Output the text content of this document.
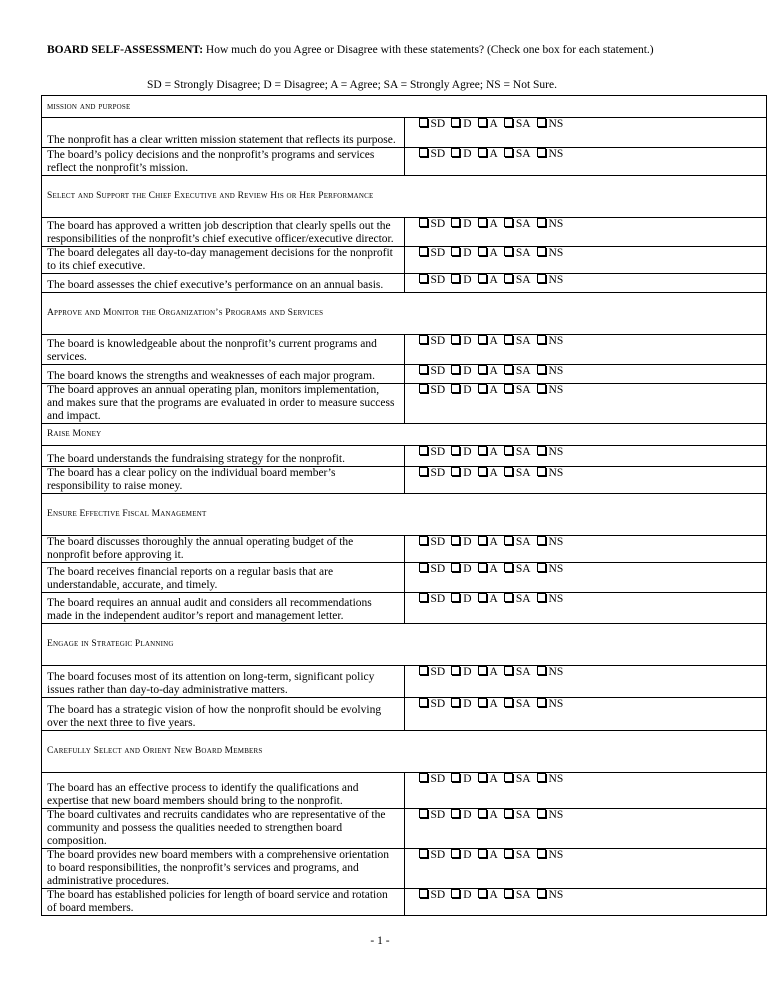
BOARD SELF-ASSESSMENT: How much do you Agree or Disagree with these statements? (Check one box for each statement.)
SD = Strongly Disagree; D = Disagree; A = Agree; SA = Strongly Agree; NS = Not Sure.
mission and purpose	
The nonprofit has a clear written mission statement that reflects its purpose.	SD D A SA NS
The board’s policy decisions and the nonprofit’s programs and services reflect the nonprofit’s mission.	SD D A SA NS
Select and Support the Chief Executive and Review His or Her Performance	
The board has approved a written job description that clearly spells out the responsibilities of the nonprofit’s chief executive officer/executive director.	SD D A SA NS
The board delegates all day-to-day management decisions for the nonprofit to its chief executive.	SD D A SA NS
The board assesses the chief executive’s performance on an annual basis.	SD D A SA NS
Approve and Monitor the Organization’s Programs and Services	
The board is knowledgeable about the nonprofit’s current programs and services.	SD D A SA NS
The board knows the strengths and weaknesses of each major program.	SD D A SA NS
The board approves an annual operating plan, monitors implementation, and makes sure that the programs are evaluated in order to measure success and impact.	SD D A SA NS
Raise Money	
The board understands the fundraising strategy for the nonprofit.	SD D A SA NS
The board has a clear policy on the individual board member’s responsibility to raise money.	SD D A SA NS
Ensure Effective Fiscal Management	
The board discusses thoroughly the annual operating budget of the nonprofit before approving it.	SD D A SA NS
The board receives financial reports on a regular basis that are understandable, accurate, and timely.	SD D A SA NS
The board requires an annual audit and considers all recommendations made in the independent auditor’s report and management letter.	SD D A SA NS
Engage in Strategic Planning	
The board focuses most of its attention on long-term, significant policy issues rather than day-to-day administrative matters.	SD D A SA NS
The board has a strategic vision of how the nonprofit should be evolving over the next three to five years.	SD D A SA NS
Carefully Select and Orient New Board Members	
The board has an effective process to identify the qualifications and expertise that new board members should bring to the nonprofit.	SD D A SA NS
The board cultivates and recruits candidates who are representative of the community and possess the qualities needed to strengthen board composition.	SD D A SA NS
The board provides new board members with a comprehensive orientation to board responsibilities, the nonprofit’s services and programs, and administrative procedures.	SD D A SA NS
The board has established policies for length of board service and rotation of board members.	SD D A SA NS
- 1 -
